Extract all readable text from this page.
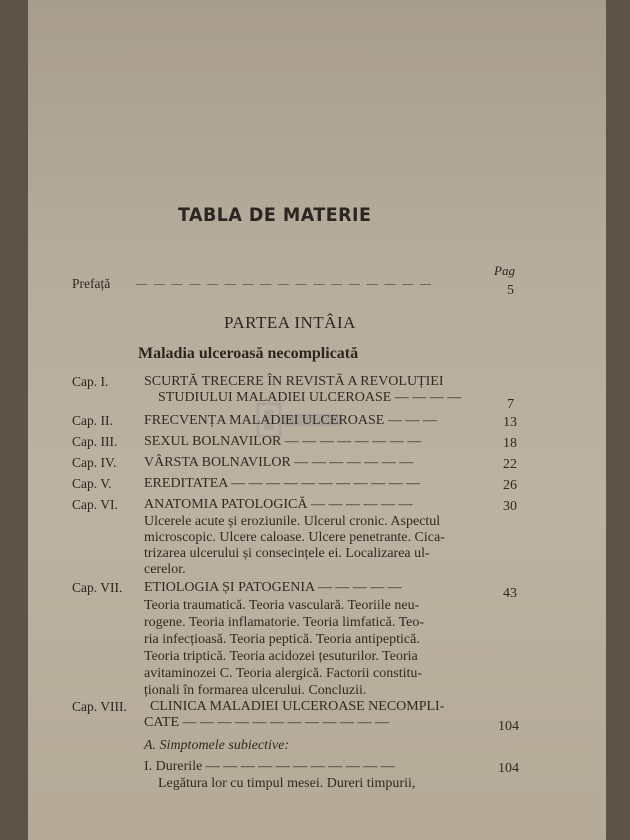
TABLA DE MATERIE
Pag
Prefață — — — — — — — — — — — — — — — — —	5
PARTEA INTÂIA
Maladia ulceroasă necomplicată
Cap. I.	SCURTĂ TRECERE ÎN REVISTĂ A REVOLUȚIEI
STUDIULUI MALADIEI ULCEROASE — — — —	7
Cap. II. FRECVENȚA MALADIEI ULCEROASE — — —	13
Cap. III. SEXUL BOLNAVILOR — — — — — — — —	18
Cap. IV. VÂRSTA BOLNAVILOR — — — — — — —	22
Cap. V. EREDITATEA — — — — — — — — — — —	26
Cap. VI. ANATOMIA PATOLOGICĂ — — — — — —	30
Ulcerele acute și eroziunile. Ulcerul cronic. Aspectul
microscopic. Ulcere caloase. Ulcere penetrante. Cica-
trizarea ulcerului și consecințele ei. Localizarea ul-
cerelor.
Cap. VII. ETIOLOGIA ȘI PATOGENIA — — — — —	43
Teoria traumatică. Teoria vasculară. Teoriile neu-
rogene. Teoria inflamatorie. Teoria limfatică. Teo-
ria infecțioasă. Teoria peptică. Teoria antipeptică.
Teoria triptică. Teoria acidozei țesuturilor. Teoria
avitaminozei C. Teoria alergică. Factorii constitu-
ționali în formarea ulcerului. Concluzii.
Cap. VIII. CLINICA MALADIEI ULCEROASE NECOMPLI-
CATE — — — — — — — — — — — —	104
A. Simptomele subiective:
I. Durerile — — — — — — — — — — —	104
Legătura lor cu timpul mesei. Dureri timpurii,
